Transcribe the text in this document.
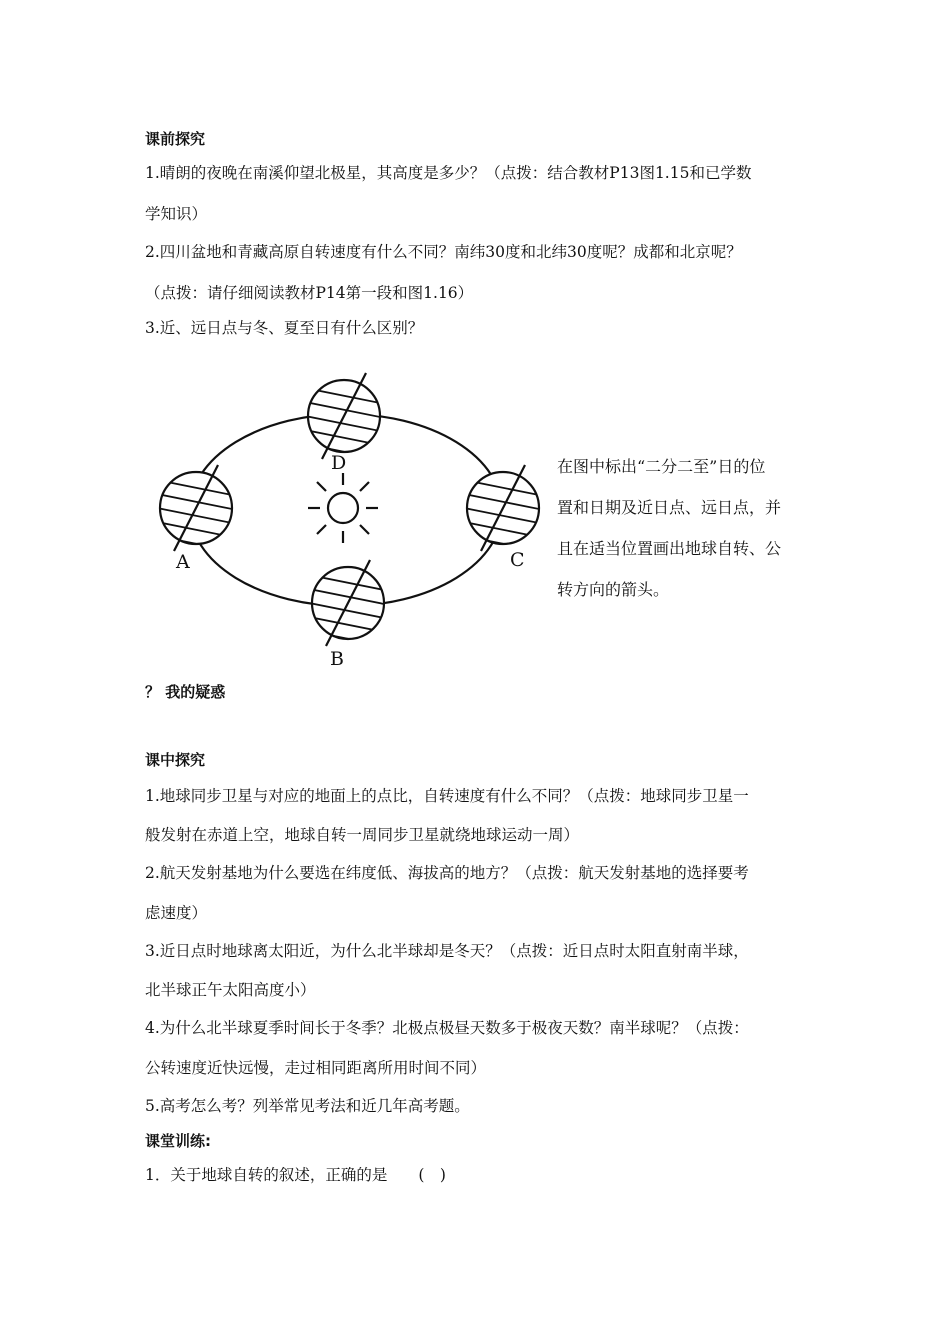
课前探究
1.晴朗的夜晚在南溪仰望北极星，其高度是多少？（点拨：结合教材P13图1.15和已学数
学知识）
2.四川盆地和青藏高原自转速度有什么不同？南纬30度和北纬30度呢？成都和北京呢？
（点拨：请仔细阅读教材P14第一段和图1.16）
3.近、远日点与冬、夏至日有什么区别？
D
A	C
B
在图中标出“二分二至”日的位
置和日期及近日点、远日点，并
且在适当位置画出地球自转、公
转方向的箭头。
？ 我的疑惑
课中探究
1.地球同步卫星与对应的地面上的点比，自转速度有什么不同？（点拨：地球同步卫星一
般发射在赤道上空，地球自转一周同步卫星就绕地球运动一周）
2.航天发射基地为什么要选在纬度低、海拔高的地方？（点拨：航天发射基地的选择要考
虑速度）
3.近日点时地球离太阳近，为什么北半球却是冬天？（点拨：近日点时太阳直射南半球，
北半球正午太阳高度小）
4.为什么北半球夏季时间长于冬季？北极点极昼天数多于极夜天数？南半球呢？（点拨：
公转速度近快远慢，走过相同距离所用时间不同）
5.高考怎么考？列举常见考法和近几年高考题。
课堂训练:
1．关于地球自转的叙述，正确的是　　(　)
